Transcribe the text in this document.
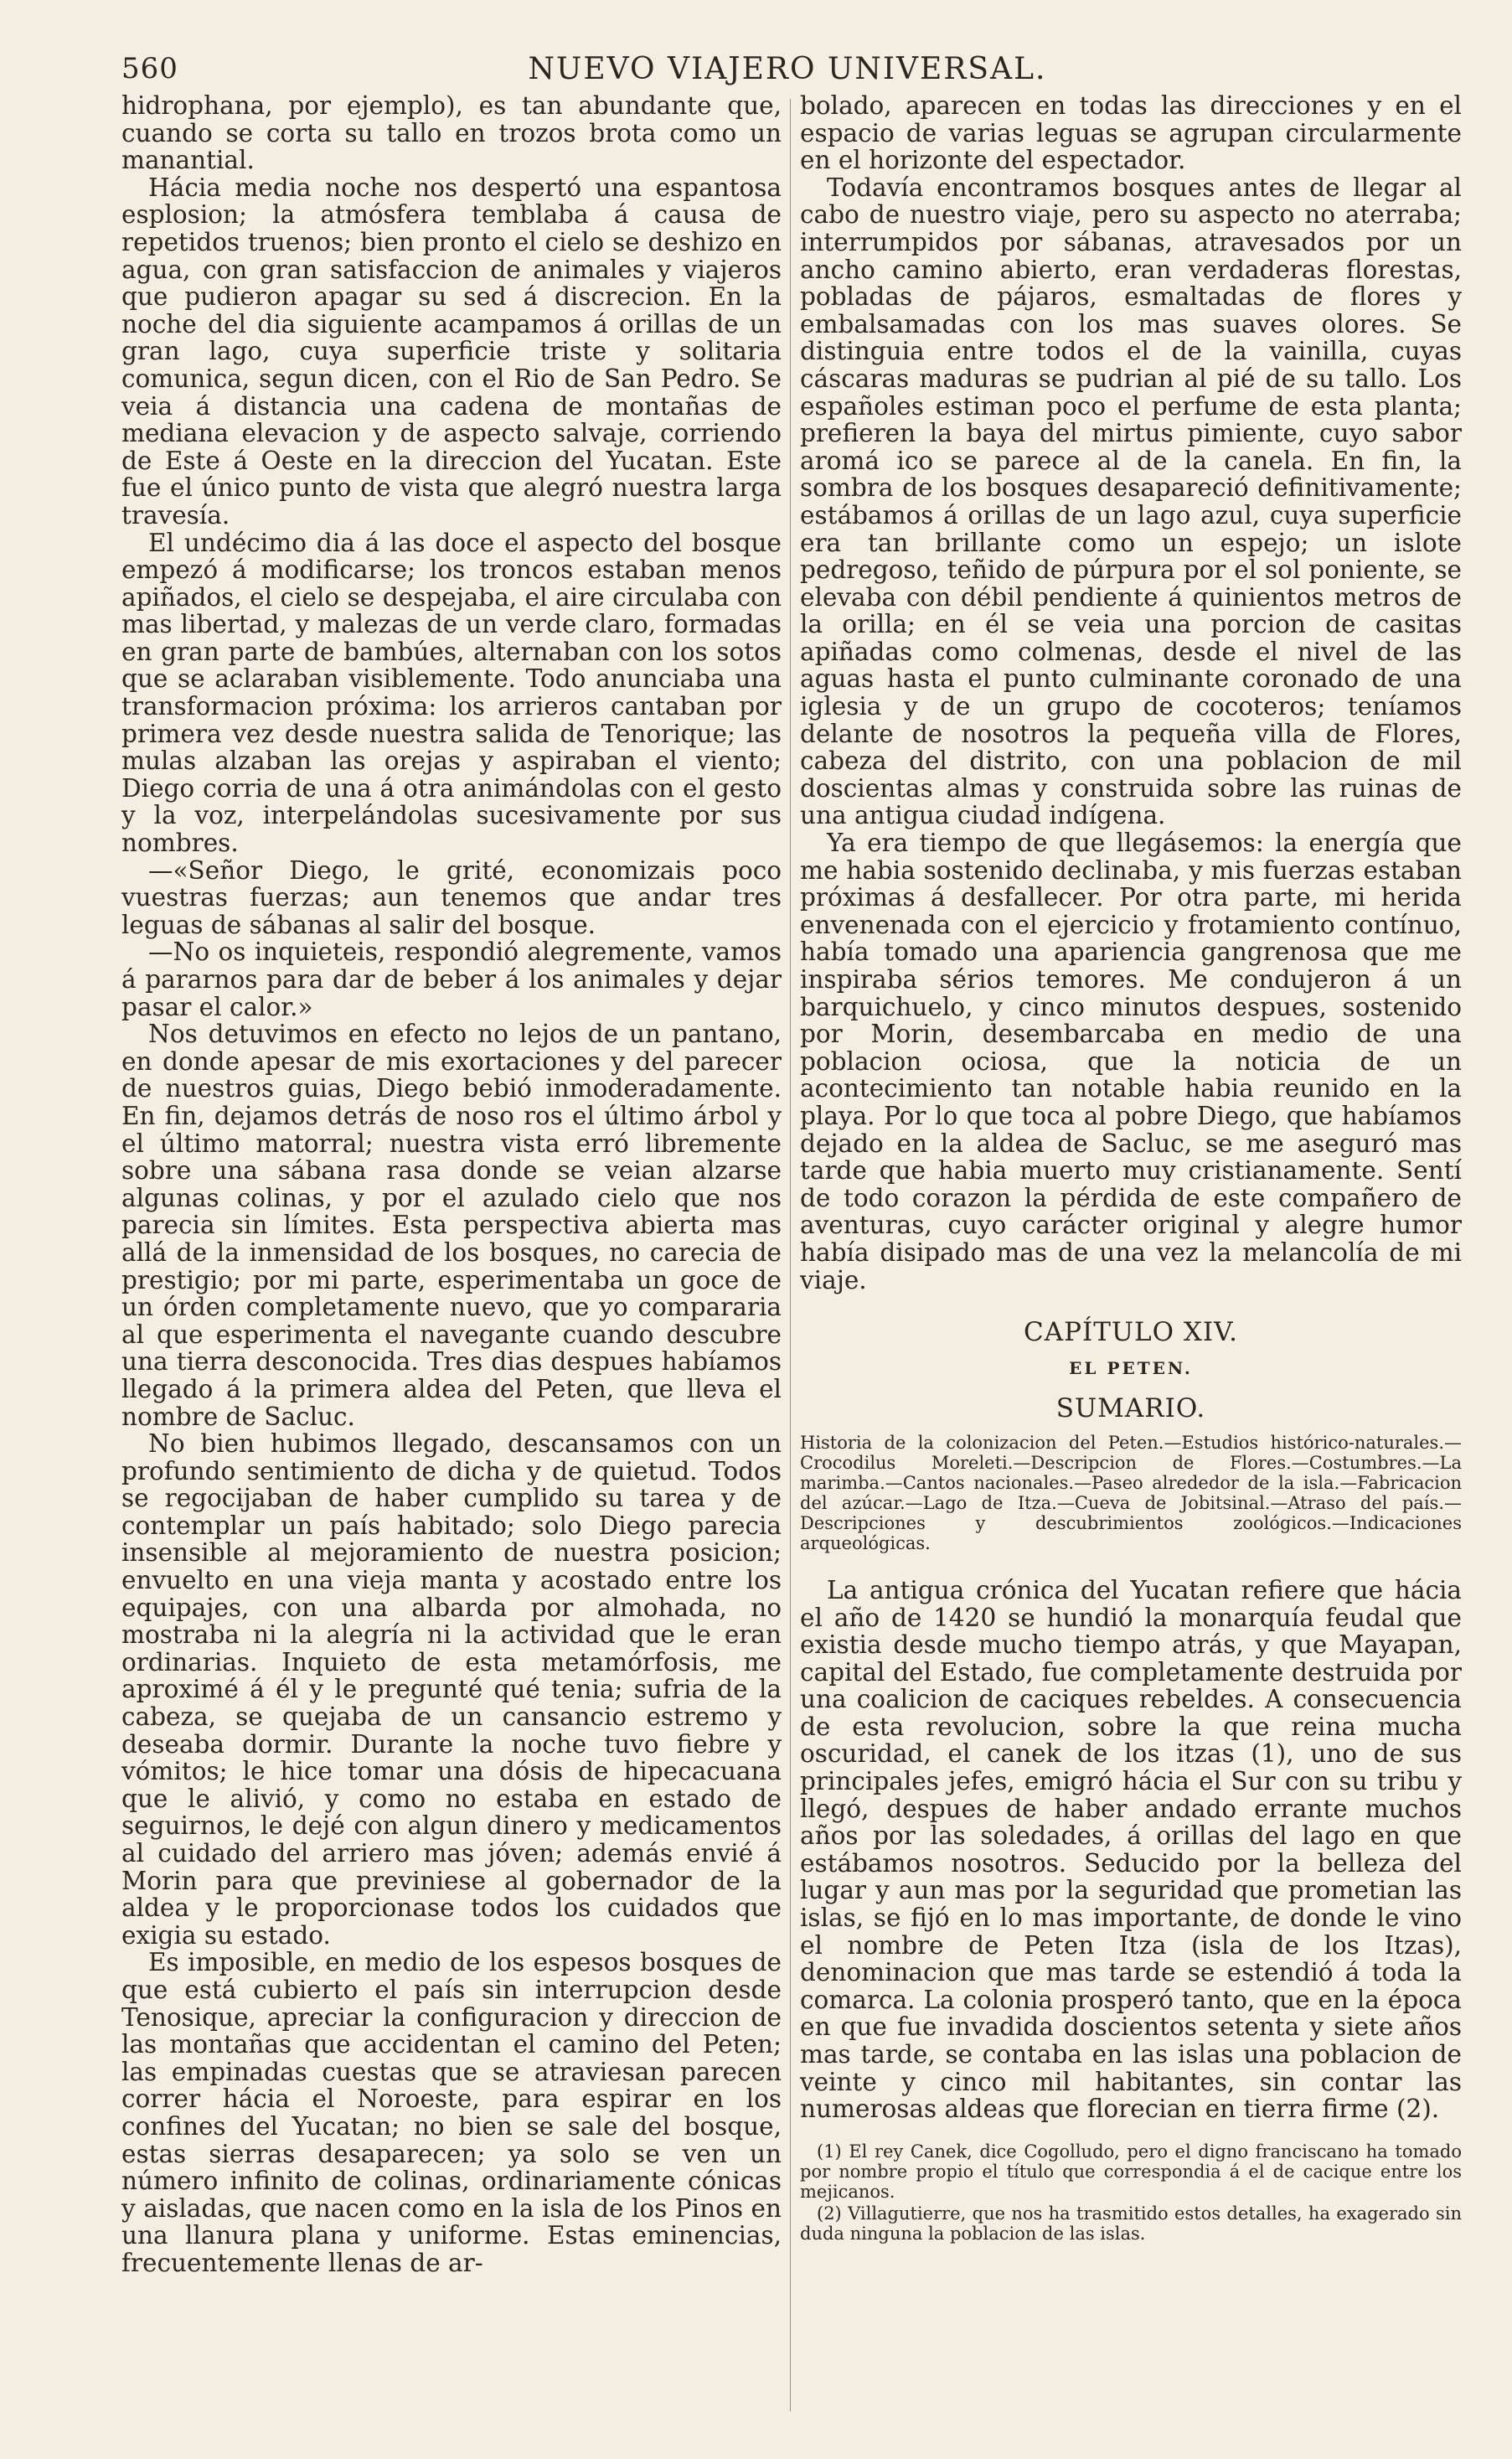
560	NUEVO VIAJERO UNIVERSAL.

hidrophana, por ejemplo), es tan abundante que, cuando se corta su tallo en trozos brota como un manantial.

Hácia media noche nos despertó una espantosa esplosion; la atmósfera temblaba á causa de repetidos truenos; bien pronto el cielo se deshizo en agua, con gran satisfaccion de animales y viajeros que pudieron apagar su sed á discrecion. En la noche del dia siguiente acampamos á orillas de un gran lago, cuya superficie triste y solitaria comunica, segun dicen, con el Rio de San Pedro. Se veia á distancia una cadena de montañas de mediana elevacion y de aspecto salvaje, corriendo de Este á Oeste en la direccion del Yucatan. Este fue el único punto de vista que alegró nuestra larga travesía.

El undécimo dia á las doce el aspecto del bosque empezó á modificarse; los troncos estaban menos apiñados, el cielo se despejaba, el aire circulaba con mas libertad, y malezas de un verde claro, formadas en gran parte de bambúes, alternaban con los sotos que se aclaraban visiblemente. Todo anunciaba una transformacion próxima: los arrieros cantaban por primera vez desde nuestra salida de Tenorique; las mulas alzaban las orejas y aspiraban el viento; Diego corria de una á otra animándolas con el gesto y la voz, interpelándolas sucesivamente por sus nombres.

—«Señor Diego, le grité, economizais poco vuestras fuerzas; aun tenemos que andar tres leguas de sábanas al salir del bosque.

—No os inquieteis, respondió alegremente, vamos á pararnos para dar de beber á los animales y dejar pasar el calor.»

Nos detuvimos en efecto no lejos de un pantano, en donde apesar de mis exortaciones y del parecer de nuestros guias, Diego bebió inmoderadamente. En fin, dejamos detrás de noso ros el último árbol y el último matorral; nuestra vista erró libremente sobre una sábana rasa donde se veian alzarse algunas colinas, y por el azulado cielo que nos parecia sin límites. Esta perspectiva abierta mas allá de la inmensidad de los bosques, no carecia de prestigio; por mi parte, esperimentaba un goce de un órden completamente nuevo, que yo compararia al que esperimenta el navegante cuando descubre una tierra desconocida. Tres dias despues habíamos llegado á la primera aldea del Peten, que lleva el nombre de Sacluc.

No bien hubimos llegado, descansamos con un profundo sentimiento de dicha y de quietud. Todos se regocijaban de haber cumplido su tarea y de contemplar un país habitado; solo Diego parecia insensible al mejoramiento de nuestra posicion; envuelto en una vieja manta y acostado entre los equipajes, con una albarda por almohada, no mostraba ni la alegría ni la actividad que le eran ordinarias. Inquieto de esta metamórfosis, me aproximé á él y le pregunté qué tenia; sufria de la cabeza, se quejaba de un cansancio estremo y deseaba dormir. Durante la noche tuvo fiebre y vómitos; le hice tomar una dósis de hipecacuana que le alivió, y como no estaba en estado de seguirnos, le dejé con algun dinero y medicamentos al cuidado del arriero mas jóven; además envié á Morin para que previniese al gobernador de la aldea y le proporcionase todos los cuidados que exigia su estado.

Es imposible, en medio de los espesos bosques de que está cubierto el país sin interrupcion desde Tenosique, apreciar la configuracion y direccion de las montañas que accidentan el camino del Peten; las empinadas cuestas que se atraviesan parecen correr hácia el Noroeste, para espirar en los confines del Yucatan; no bien se sale del bosque, estas sierras desaparecen; ya solo se ven un número infinito de colinas, ordinariamente cónicas y aisladas, que nacen como en la isla de los Pinos en una llanura plana y uniforme. Estas eminencias, frecuentemente llenas de ar-

bolado, aparecen en todas las direcciones y en el espacio de varias leguas se agrupan circularmente en el horizonte del espectador.

Todavía encontramos bosques antes de llegar al cabo de nuestro viaje, pero su aspecto no aterraba; interrumpidos por sábanas, atravesados por un ancho camino abierto, eran verdaderas florestas, pobladas de pájaros, esmaltadas de flores y embalsamadas con los mas suaves olores. Se distinguia entre todos el de la vainilla, cuyas cáscaras maduras se pudrian al pié de su tallo. Los españoles estiman poco el perfume de esta planta; prefieren la baya del mirtus pimiente, cuyo sabor aromá ico se parece al de la canela. En fin, la sombra de los bosques desapareció definitivamente; estábamos á orillas de un lago azul, cuya superficie era tan brillante como un espejo; un islote pedregoso, teñido de púrpura por el sol poniente, se elevaba con débil pendiente á quinientos metros de la orilla; en él se veia una porcion de casitas apiñadas como colmenas, desde el nivel de las aguas hasta el punto culminante coronado de una iglesia y de un grupo de cocoteros; teníamos delante de nosotros la pequeña villa de Flores, cabeza del distrito, con una poblacion de mil doscientas almas y construida sobre las ruinas de una antigua ciudad indígena.

Ya era tiempo de que llegásemos: la energía que me habia sostenido declinaba, y mis fuerzas estaban próximas á desfallecer. Por otra parte, mi herida envenenada con el ejercicio y frotamiento contínuo, había tomado una apariencia gangrenosa que me inspiraba sérios temores. Me condujeron á un barquichuelo, y cinco minutos despues, sostenido por Morin, desembarcaba en medio de una poblacion ociosa, que la noticia de un acontecimiento tan notable habia reunido en la playa. Por lo que toca al pobre Diego, que habíamos dejado en la aldea de Sacluc, se me aseguró mas tarde que habia muerto muy cristianamente. Sentí de todo corazon la pérdida de este compañero de aventuras, cuyo carácter original y alegre humor había disipado mas de una vez la melancolía de mi viaje.

CAPÍTULO XIV.
EL PETEN.
SUMARIO.
Historia de la colonizacion del Peten.—Estudios histórico-naturales.—Crocodilus Moreleti.—Descripcion de Flores.—Costumbres.—La marimba.—Cantos nacionales.—Paseo alrededor de la isla.—Fabricacion del azúcar.—Lago de Itza.—Cueva de Jobitsinal.—Atraso del país.—Descripciones y descubrimientos zoológicos.—Indicaciones arqueológicas.

La antigua crónica del Yucatan refiere que hácia el año de 1420 se hundió la monarquía feudal que existia desde mucho tiempo atrás, y que Mayapan, capital del Estado, fue completamente destruida por una coalicion de caciques rebeldes. A consecuencia de esta revolucion, sobre la que reina mucha oscuridad, el canek de los itzas (1), uno de sus principales jefes, emigró hácia el Sur con su tribu y llegó, despues de haber andado errante muchos años por las soledades, á orillas del lago en que estábamos nosotros. Seducido por la belleza del lugar y aun mas por la seguridad que prometian las islas, se fijó en lo mas importante, de donde le vino el nombre de Peten Itza (isla de los Itzas), denominacion que mas tarde se estendió á toda la comarca. La colonia prosperó tanto, que en la época en que fue invadida doscientos setenta y siete años mas tarde, se contaba en las islas una poblacion de veinte y cinco mil habitantes, sin contar las numerosas aldeas que florecian en tierra firme (2).

(1) El rey Canek, dice Cogolludo, pero el digno franciscano ha tomado por nombre propio el título que correspondia á el de cacique entre los mejicanos.

(2) Villagutierre, que nos ha trasmitido estos detalles, ha exagerado sin duda ninguna la poblacion de las islas.
